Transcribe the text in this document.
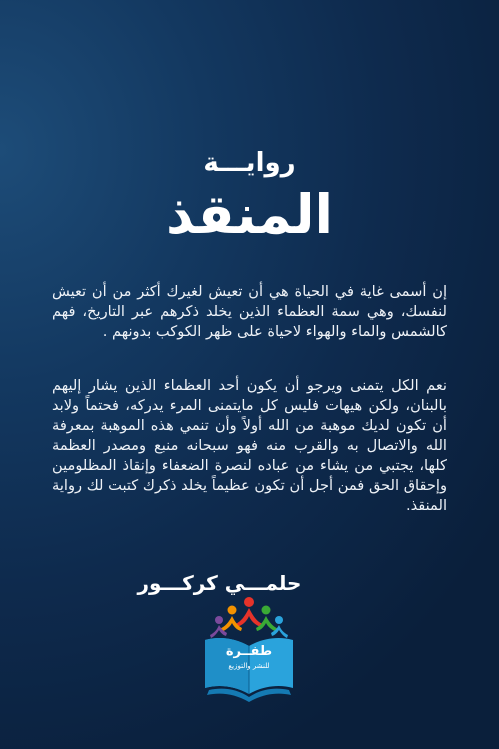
روايـــة
المنقذ

إن أسمى غاية في الحياة هي أن تعيش لغيرك أكثر من أن تعيش لنفسك، وهي سمة العظماء الذين يخلد ذكرهم عبر التاريخ، فهم كالشمس والماء والهواء لاحياة على ظهر الكوكب بدونهم .

نعم الكل يتمنى ويرجو أن يكون أحد العظماء الذين يشار إليهم بالبنان، ولكن هيهات فليس كل مايتمنى المرء يدركه، فحتماً ولابد أن تكون لديك موهبة من الله أولاً وأن تنمي هذه الموهبة بمعرفة الله والاتصال به والقرب منه فهو سبحانه منبع ومصدر العظمة كلها، يجتبي من يشاء من عباده لنصرة الضعفاء وإنقاذ المظلومين وإحقاق الحق فمن أجل أن تكون عظيماً يخلد ذكرك كتبت لك رواية المنقذ.

حلمـــي كركـــور
طفــرة
للنشر والتوزيع
